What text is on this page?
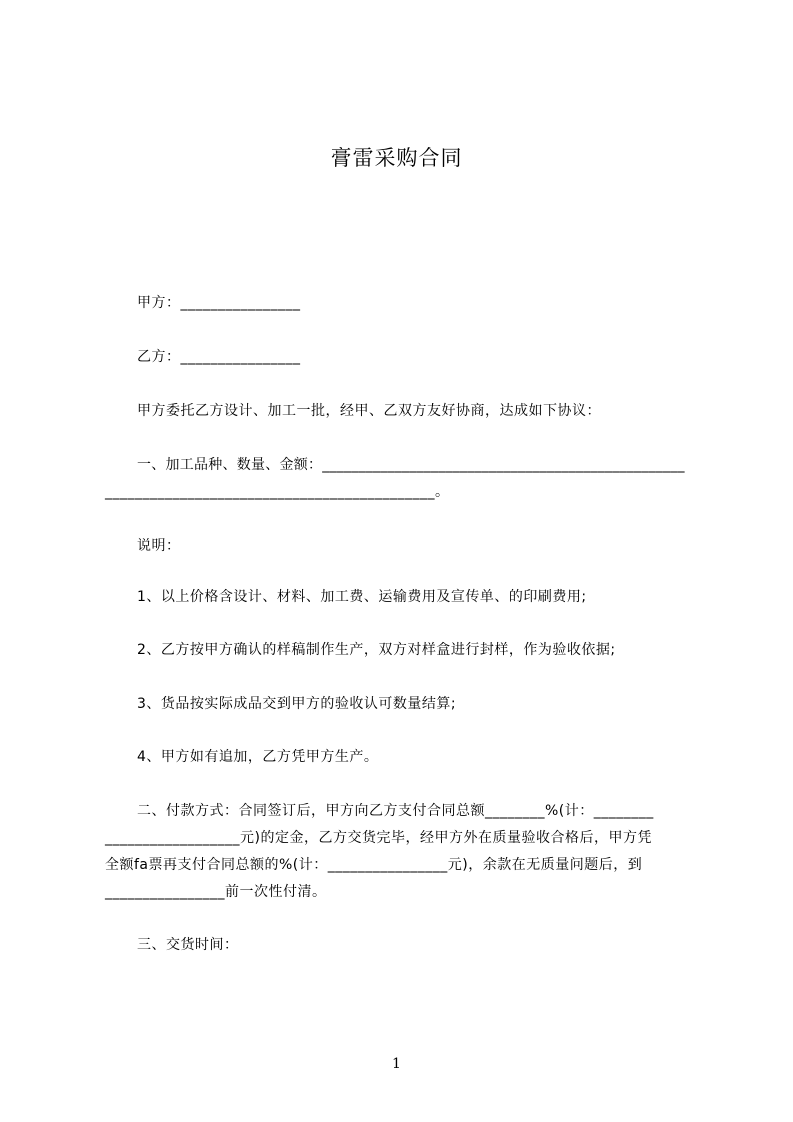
膏雷采购合同
甲方：________________
乙方：________________
甲方委托乙方设计、加工一批，经甲、乙双方友好协商，达成如下协议：
一、加工品种、数量、金额：__________________________________________________
____________________________________________。
说明：
1、以上价格含设计、材料、加工费、运输费用及宣传单、的印刷费用;
2、乙方按甲方确认的样稿制作生产，双方对样盒进行封样，作为验收依据;
3、货品按实际成品交到甲方的验收认可数量结算;
4、甲方如有追加，乙方凭甲方生产。
二、付款方式：合同签订后，甲方向乙方支付合同总额________%(计：________
__________________元)的定金，乙方交货完毕，经甲方外在质量验收合格后，甲方凭
全额fa票再支付合同总额的%(计：________________元)，余款在无质量问题后，到
________________前一次性付清。
三、交货时间：
1
